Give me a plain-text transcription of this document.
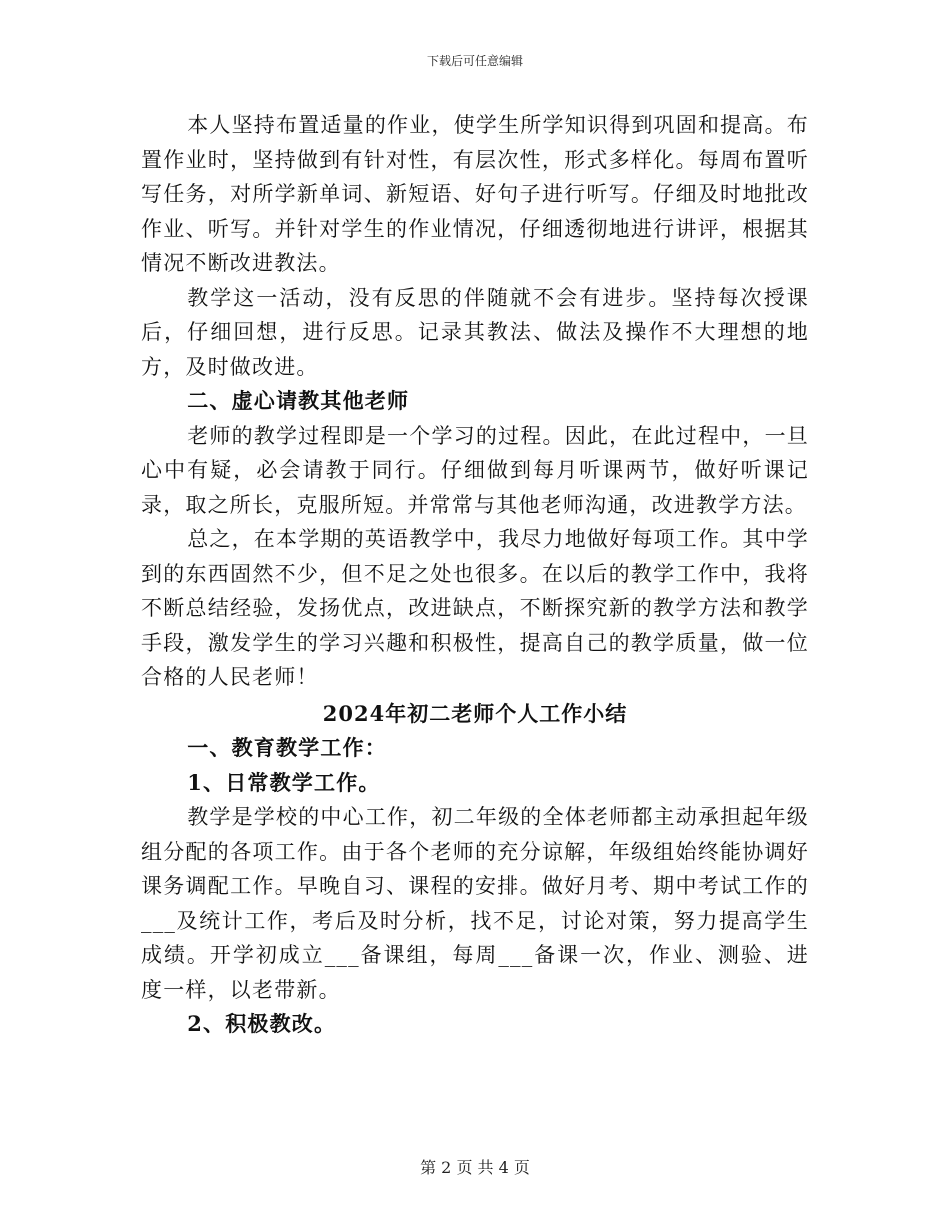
下载后可任意编辑

本人坚持布置适量的作业，使学生所学知识得到巩固和提高。布置作业时，坚持做到有针对性，有层次性，形式多样化。每周布置听写任务，对所学新单词、新短语、好句子进行听写。仔细及时地批改作业、听写。并针对学生的作业情况，仔细透彻地进行讲评，根据其情况不断改进教法。

教学这一活动，没有反思的伴随就不会有进步。坚持每次授课后，仔细回想，进行反思。记录其教法、做法及操作不大理想的地方，及时做改进。

二、虚心请教其他老师

老师的教学过程即是一个学习的过程。因此，在此过程中，一旦心中有疑，必会请教于同行。仔细做到每月听课两节，做好听课记录，取之所长，克服所短。并常常与其他老师沟通，改进教学方法。

总之，在本学期的英语教学中，我尽力地做好每项工作。其中学到的东西固然不少，但不足之处也很多。在以后的教学工作中，我将不断总结经验，发扬优点，改进缺点，不断探究新的教学方法和教学手段，激发学生的学习兴趣和积极性，提高自己的教学质量，做一位合格的人民老师！

2024年初二老师个人工作小结

一、教育教学工作：

1、日常教学工作。

教学是学校的中心工作，初二年级的全体老师都主动承担起年级组分配的各项工作。由于各个老师的充分谅解，年级组始终能协调好课务调配工作。早晚自习、课程的安排。做好月考、期中考试工作的___及统计工作，考后及时分析，找不足，讨论对策，努力提高学生成绩。开学初成立___备课组，每周___备课一次，作业、测验、进度一样，以老带新。

2、积极教改。

第 2 页 共 4 页
